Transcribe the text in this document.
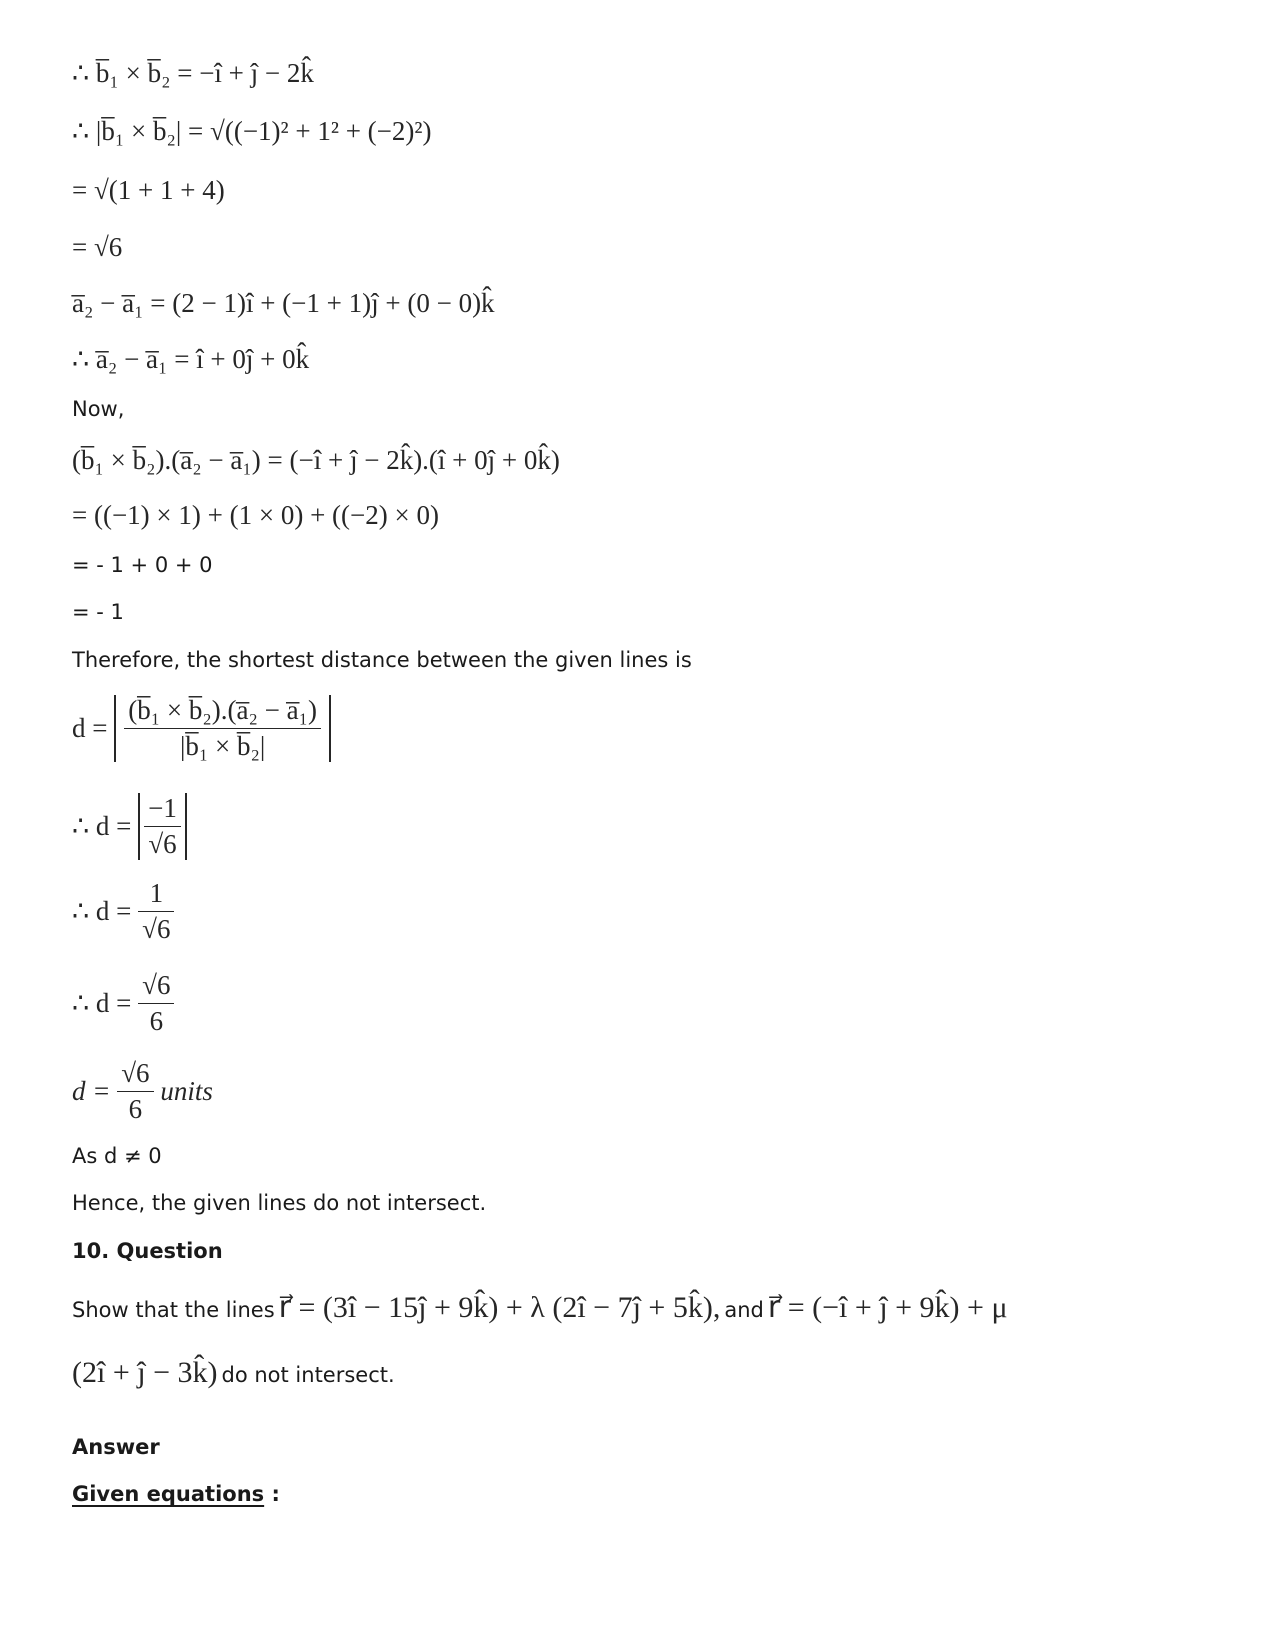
∴ b̅₁ × b̅₂ = −î + ĵ − 2k̂
∴ |b̅₁ × b̅₂| = √((−1)² + 1² + (−2)²)
= √(1 + 1 + 4)
= √6
a̅₂ − a̅₁ = (2 − 1)î + (−1 + 1)ĵ + (0 − 0)k̂
∴ a̅₂ − a̅₁ = î + 0ĵ + 0k̂
Now,
(b̅₁ × b̅₂).(a̅₂ − a̅₁) = (−î + ĵ − 2k̂).(î + 0ĵ + 0k̂)
= ((−1) × 1) + (1 × 0) + ((−2) × 0)
= - 1 + 0 + 0
= - 1
Therefore, the shortest distance between the given lines is
$d = \frac{\text{(b̅₁ × b̅₂).(a̅₂ − a̅₁)}}{\text{|b̅₁ × b̅₂|}}$
∴ $d = \frac{-1}{√6}$
∴ $d = \frac{1}{√6}$
∴ $d = \frac{√6}{6}$
$d = \frac{√6}{6}$ units
As d ≠ 0
Hence, the given lines do not intersect.
10. Question
Show that the lines r⃗ = (3î − 15ĵ + 9k̂) + λ (2î − 7ĵ + 5k̂), and r⃗ = (−î + ĵ + 9k̂) + μ
(2î + ĵ − 3k̂) do not intersect.
Answer
Given equations :
